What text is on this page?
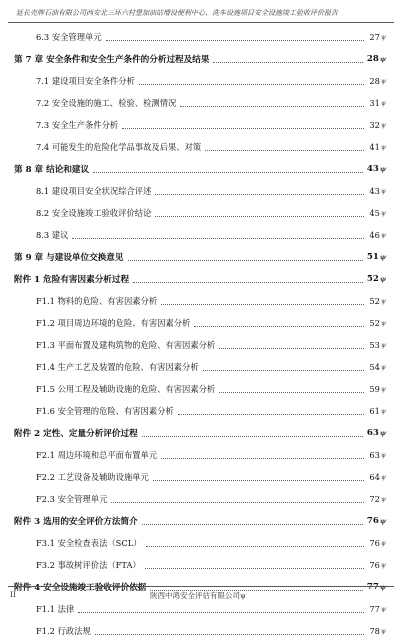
延长壳牌石油有限公司西安北三环六村堡加油站增设便利中心、洗车设施项目安全设施竣工验收评价报告
6.3 安全管理单元	27 ψ
第 7 章 安全条件和安全生产条件的分析过程及结果	28 ψ
7.1 建设项目安全条件分析	28 ψ
7.2 安全设施的施工、检验、检测情况	31 ψ
7.3 安全生产条件分析	32 ψ
7.4 可能发生的危险化学品事故及后果、对策	41 ψ
第 8 章 结论和建议	43 ψ
8.1 建设项目安全状况综合评述	43 ψ
8.2 安全设施竣工验收评价结论	45 ψ
8.3 建议	46 ψ
第 9 章 与建设单位交换意见	51 ψ
附件 1 危险有害因素分析过程	52 ψ
F1.1 物料的危险、有害因素分析	52 ψ
F1.2 项目周边环境的危险、有害因素分析	52 ψ
F1.3 平面布置及建构筑物的危险、有害因素分析	53 ψ
F1.4 生产工艺及装置的危险、有害因素分析	54 ψ
F1.5 公用工程及辅助设施的危险、有害因素分析	59 ψ
F1.6 安全管理的危险、有害因素分析	61 ψ
附件 2 定性、定量分析评价过程	63 ψ
F2.1 周边环境和总平面布置单元	63 ψ
F2.2 工艺设备及辅助设施单元	64 ψ
F2.3 安全管理单元	72 ψ
附件 3 选用的安全评价方法简介	76 ψ
F3.1 安全检查表法（SCL）	76 ψ
F3.2 事故树评价法（FTA）	76 ψ
附件 4 安全设施竣工验收评价依据	77 ψ
F1.1 法律	77 ψ
F1.2 行政法规	78 ψ
II	陕西中鸿安全评估有限公司ψ
